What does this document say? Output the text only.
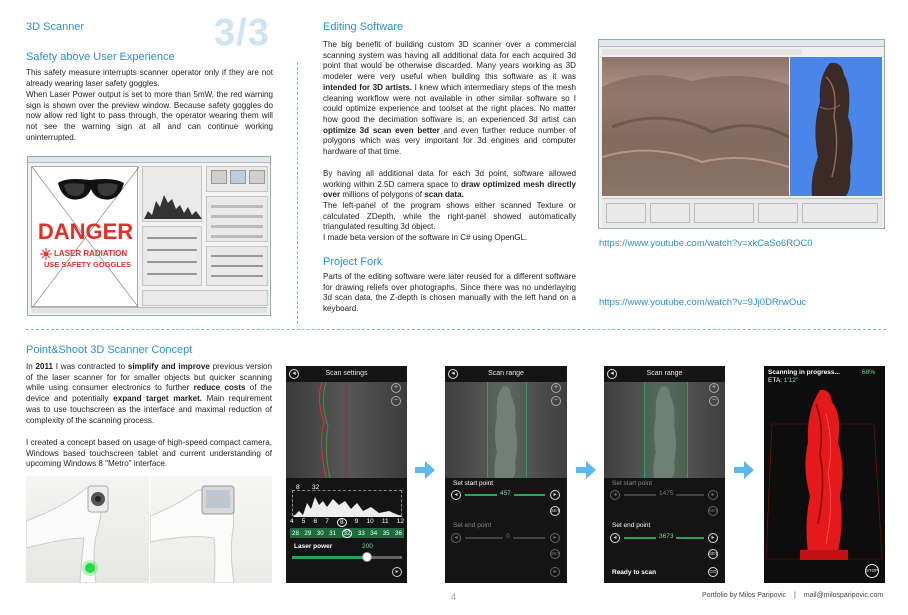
3D Scanner	3/3
Safety above User Experience
This safety measure interrupts scanner operator only if they are not already wearing laser safety goggles.
When Laser Power output is set to more than 5mW, the red warning sign is shown over the preview window. Because safety goggles do now allow red light to pass through, the operator wearing them will not see the warning sign at all and can continue working uninterrupted.
DANGER
LASER RADIATION
USE SAFETY GOGGLES
Editing Software
The big benefit of building custom 3D scanner over a commercial scanning system was having all additional data for each acquired 3d point that would be otherwise discarded. Many years working as 3D modeler were very useful when building this software as it was intended for 3D artists. I knew which intermediary steps of the mesh cleaning workflow were not available in other similar software so I could optimize experience and toolset at the right places. No matter how good the decimation software is, an experienced 3d artist can optimize 3d scan even better and even further reduce number of polygons which was very important for 3d engines and computer hardware of that time.
By having all additional data for each 3d point, software allowed working within 2.5D camera space to draw optimized mesh directly over millions of polygons of scan data.
The left-panel of the program shows either scanned Texture or calculated ZDepth, while the right-panel showed automatically triangulated resulting 3d object.
I made beta version of the software in C# using OpenGL.
Project Fork
Parts of the editing software were later reused for a different software for drawing reliefs over photographs. Since there was no underlaying 3d scan data, the Z-depth is chosen manually with the left hand on a keyboard.
https://www.youtube.com/watch?v=xkCaSo6ROC0
https://www.youtube.com/watch?v=9Jj0DRrwOuc
Point&Shoot 3D Scanner Concept
In 2011 I was contracted to simplify and improve previous version of the laser scanner for for smaller objects but quicker scanning while using consumer electronics to further reduce costs of the device and potentially expand target market. Main requirement was to use touchscreen as the interface and maximal reduction of complexity of the scanning process.
I created a concept based on usage of high-speed compact camera, Windows based touchscreen tablet and current understanding of upcoming Windows 8 "Metro" interface.
◂	Scan settings
+
−
8 32
4 5 6 7	8	9 10 11 12
28 29 30 31	32	33 34 35 36
Laser power	200
▸
◂	Scan range
+
−
Set start point
◂	457	▸
SET
Set end point
◂	0	▸
SET
▸
◂	Scan range
+
−
Set start point
◂	1475	▸
SET
Set end point
◂	3673	▸
SET
Ready to scan	GO
Scanning in progress...
ETA: 1'12"
68%
STOP
4	Portfolio by Milos Paripovic | mail@milosparipovic.com
